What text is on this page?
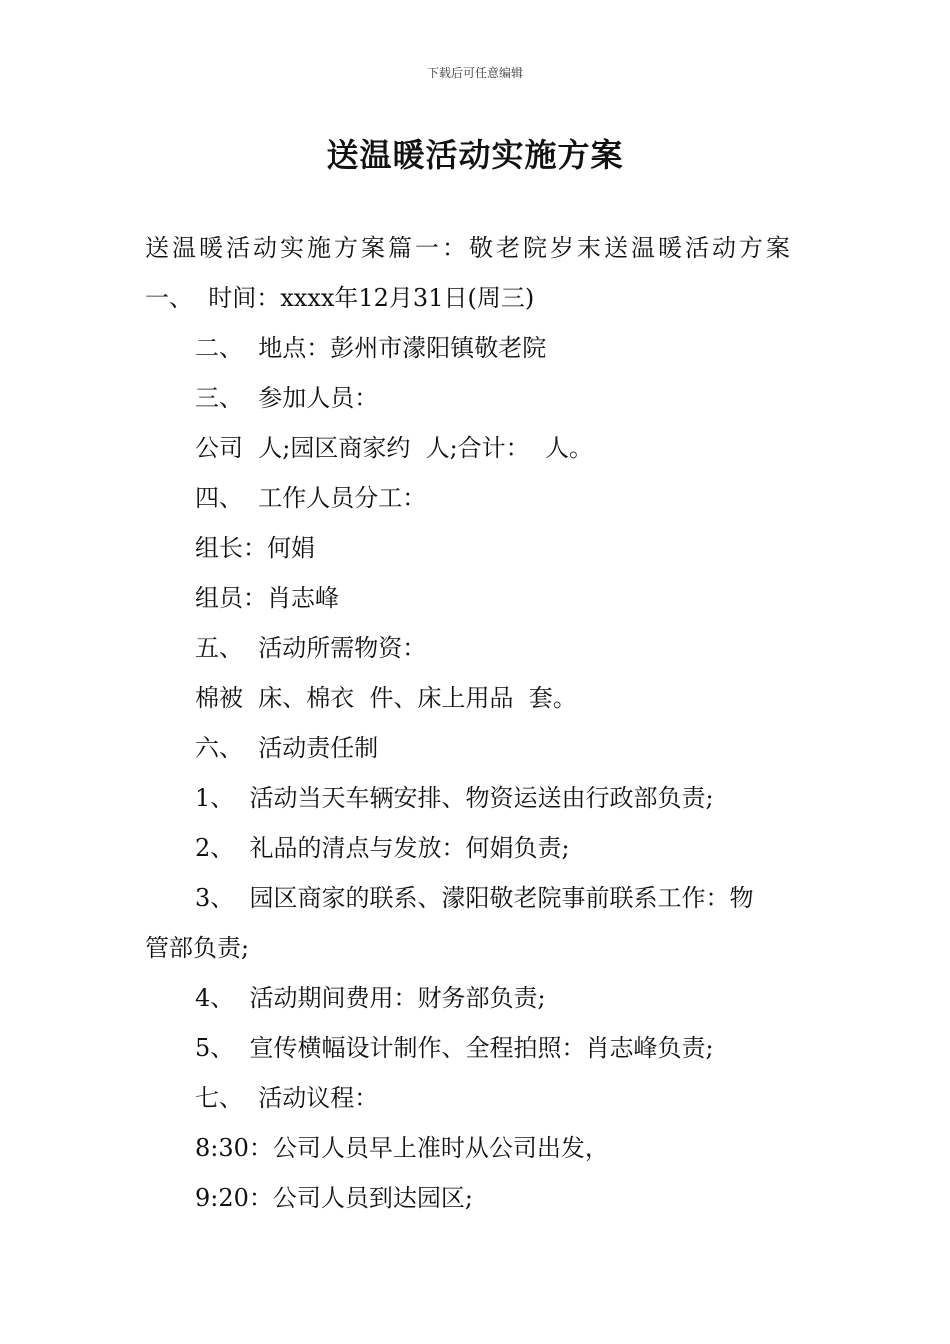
下载后可任意编辑
送温暖活动实施方案
送温暖活动实施方案篇一：敬老院岁末送温暖活动方案
一、  时间：xxxx年12月31日(周三)
二、  地点：彭州市濛阳镇敬老院
三、  参加人员：
公司  人;园区商家约  人;合计：  人。
四、  工作人员分工：
组长：何娟
组员：肖志峰
五、  活动所需物资：
棉被  床、棉衣  件、床上用品  套。
六、  活动责任制
1、  活动当天车辆安排、物资运送由行政部负责;
2、  礼品的清点与发放：何娟负责;
3、  园区商家的联系、濛阳敬老院事前联系工作：物
管部负责;
4、  活动期间费用：财务部负责;
5、  宣传横幅设计制作、全程拍照：肖志峰负责;
七、  活动议程：
8:30：公司人员早上准时从公司出发，
9:20：公司人员到达园区;
